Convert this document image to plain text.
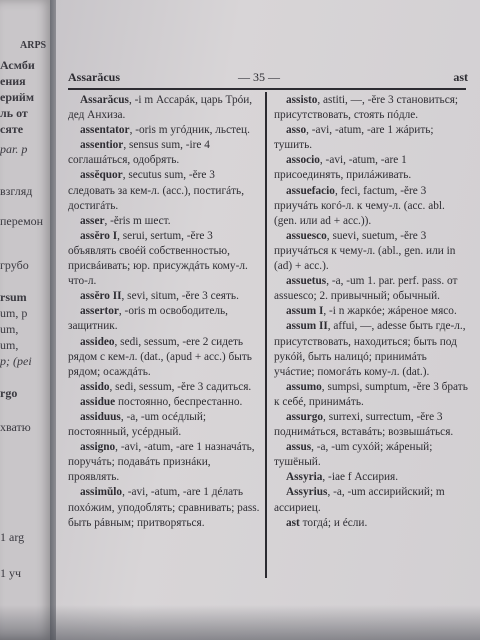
ARPS
Асмби
ения
ерийм
ль от
сяте
par. p
взгляд
перемон
грубо
rsum
um, p
um,
um,
p; (pei
rgo
хватю
1 arg
1 уч
Assarăcus	— 35 —	ast
Assarăcus, -i m Ассарáк, царь Трóи, дед Анхиза.
assentator, -oris m угóдник, льстец.
assentior, sensus sum, -ire 4 соглашáться, одобрять.
assĕquor, secutus sum, -ĕre 3 следовать за кем-л. (acc.), постигáть, достигáть.
asser, -ĕris m шест.
assĕro I, serui, sertum, -ĕre 3 объявлять своéй собственностью, присвáивать; юр. присуждáть кому-л. что-л.
assĕro II, sevi, situm, -ĕre 3 сеять.
assertor, -oris m освободитель, защитник.
assideo, sedi, sessum, -ere 2 сидеть рядом с кем-л. (dat., (apud + acc.) быть рядом; осаждáть.
assido, sedi, sessum, -ĕre 3 садиться.
assidue постоянно, беспрестанно.
assiduus, -a, -um осéдлый; постоянный, усéрдный.
assigno, -avi, -atum, -are 1 назначáть, поручáть; подавáть признáки, проявлять.
assimŭlo, -avi, -atum, -are 1 дéлать похóжим, уподоблять; сравнивать; pass. быть рáвным; притворяться.
assisto, astiti, —, -ĕre 3 становиться; присутствовать, стоять пóдле.
asso, -avi, -atum, -are 1 жáрить; тушить.
associo, -avi, -atum, -are 1 присоединять, прилáживать.
assuefacio, feci, factum, -ĕre 3 приучáть когó-л. к чему-л. (acc. abl. (gen. или ad + acc.)).
assuesco, suevi, suetum, -ĕre 3 приучáться к чему-л. (abl., gen. или in (ad) + acc.).
assuetus, -a, -um 1. par. perf. pass. от assuesco; 2. привычный; обычный.
assum I, -i n жаркóе; жáреное мясо.
assum II, affui, —, adesse быть где-л., присутствовать, находиться; быть под рукóй, быть налицó; принимáть учáстие; помогáть кому-л. (dat.).
assumo, sumpsi, sumptum, -ĕre 3 брать к себé, принимáть.
assurgo, surrexi, surrectum, -ĕre 3 поднимáться, вставáть; возвышáться.
assus, -a, -um сухóй; жáреный; тушёный.
Assyria, -iae f Ассирия.
Assyrius, -a, -um ассирийский; m ассириец.
ast тогдá; и éсли.
